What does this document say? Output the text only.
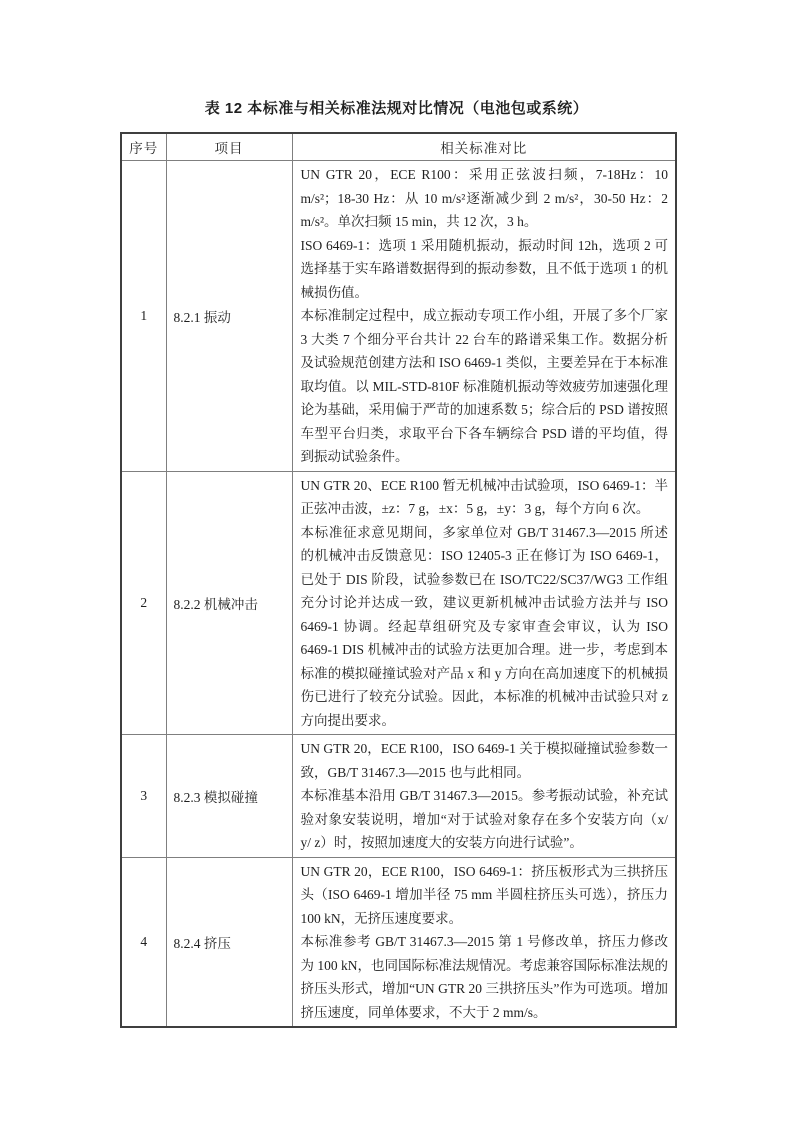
表 12 本标准与相关标准法规对比情况（电池包或系统）
序号	项目	相关标准对比
1	8.2.1 振动	UN GTR 20，ECE R100：采用正弦波扫频，7-18Hz：10 m/s²；18-30 Hz：从 10 m/s²逐渐减少到 2 m/s²，30-50 Hz：2 m/s²。单次扫频 15 min，共 12 次，3 h。

ISO 6469-1：选项 1 采用随机振动，振动时间 12h，选项 2 可选择基于实车路谱数据得到的振动参数，且不低于选项 1 的机械损伤值。

本标准制定过程中，成立振动专项工作小组，开展了多个厂家 3 大类 7 个细分平台共计 22 台车的路谱采集工作。数据分析及试验规范创建方法和 ISO 6469-1 类似，主要差异在于本标准取均值。以 MIL-STD-810F 标准随机振动等效疲劳加速强化理论为基础，采用偏于严苛的加速系数 5；综合后的 PSD 谱按照车型平台归类，求取平台下各车辆综合 PSD 谱的平均值，得到振动试验条件。

2	8.2.2 机械冲击	UN GTR 20、ECE R100 暂无机械冲击试验项，ISO 6469-1：半正弦冲击波，±z：7 g，±x：5 g，±y：3 g，每个方向 6 次。

本标准征求意见期间，多家单位对 GB/T 31467.3—2015 所述的机械冲击反馈意见：ISO 12405-3 正在修订为 ISO 6469-1，已处于 DIS 阶段，试验参数已在 ISO/TC22/SC37/WG3 工作组充分讨论并达成一致，建议更新机械冲击试验方法并与 ISO 6469-1 协调。经起草组研究及专家审查会审议，认为 ISO 6469-1 DIS 机械冲击的试验方法更加合理。进一步，考虑到本标准的模拟碰撞试验对产品 x 和 y 方向在高加速度下的机械损伤已进行了较充分试验。因此，本标准的机械冲击试验只对 z 方向提出要求。

3	8.2.3 模拟碰撞	UN GTR 20，ECE R100，ISO 6469-1 关于模拟碰撞试验参数一致，GB/T 31467.3—2015 也与此相同。

本标准基本沿用 GB/T 31467.3—2015。参考振动试验，补充试验对象安装说明，增加“对于试验对象存在多个安装方向（x/ y/ z）时，按照加速度大的安装方向进行试验”。

4	8.2.4 挤压	UN GTR 20，ECE R100，ISO 6469-1：挤压板形式为三拱挤压头（ISO 6469-1 增加半径 75 mm 半圆柱挤压头可选），挤压力 100 kN，无挤压速度要求。

本标准参考 GB/T 31467.3—2015 第 1 号修改单，挤压力修改为 100 kN，也同国际标准法规情况。考虑兼容国际标准法规的挤压头形式，增加“UN GTR 20 三拱挤压头”作为可选项。增加挤压速度，同单体要求，不大于 2 mm/s。
